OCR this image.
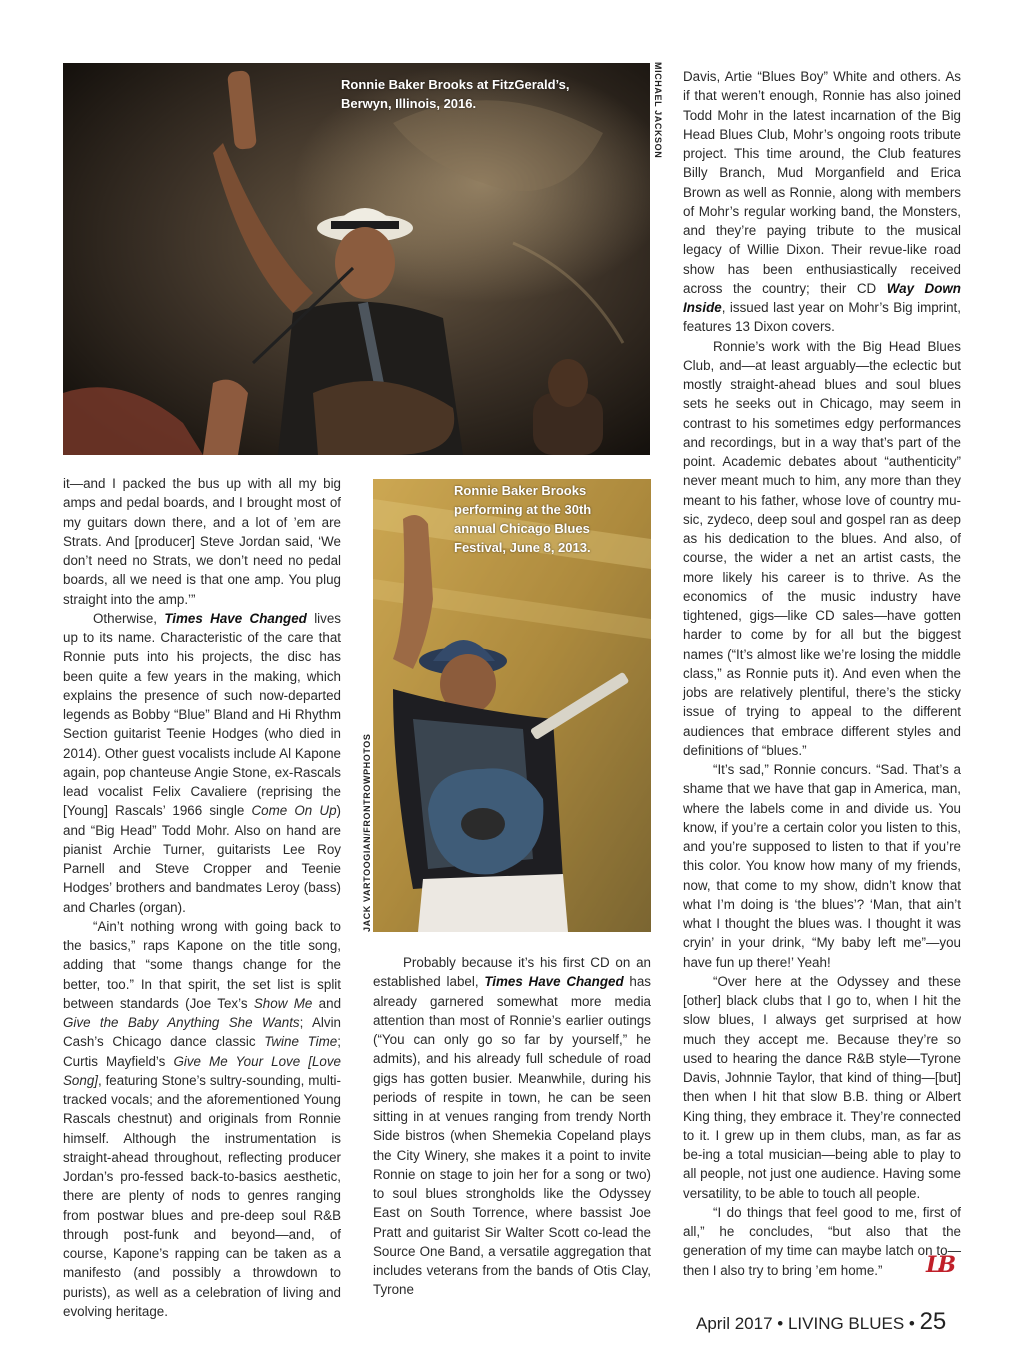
Ronnie Baker Brooks at FitzGerald’s,
Berwyn, Illinois, 2016.	MICHAEL JACKSON
Ronnie Baker Brooks
performing at the 30th
annual Chicago Blues
Festival, June 8, 2013.
JACK VARTOOGIAN/FRONTROWPHOTOS

it—and I packed the bus up with all my big amps and pedal boards, and I brought most of my guitars down there, and a lot of ’em are Strats. And [producer] Steve Jordan said, ‘We don’t need no Strats, we don’t need no pedal boards, all we need is that one amp. You plug straight into the amp.’”

Otherwise, Times Have Changed lives up to its name. Characteristic of the care that Ronnie puts into his projects, the disc has been quite a few years in the making, which explains the presence of such now-departed legends as Bobby “Blue” Bland and Hi Rhythm Section guitarist Teenie Hodges (who died in 2014). Other guest vocalists include Al Kapone again, pop chanteuse Angie Stone, ex-Rascals lead vocalist Felix Cavaliere (reprising the [Young] Rascals’ 1966 single Come On Up) and “Big Head” Todd Mohr. Also on hand are pianist Archie Turner, guitarists Lee Roy Parnell and Steve Cropper and Teenie Hodges’ brothers and bandmates Leroy (bass) and Charles (organ).

“Ain’t nothing wrong with going back to the basics,” raps Kapone on the title song, adding that “some thangs change for the better, too.” In that spirit, the set list is split between standards (Joe Tex’s Show Me and Give the Baby Anything She Wants; Alvin Cash’s Chicago dance classic Twine Time; Curtis Mayfield’s Give Me Your Love [Love Song], featuring Stone’s sultry-sounding, multi-tracked vocals; and the aforementioned Young Rascals chestnut) and originals from Ronnie himself. Although the instrumentation is straight-ahead throughout, reflecting producer Jordan’s pro-fessed back-to-basics aesthetic, there are plenty of nods to genres ranging from postwar blues and pre-deep soul R&B through post-funk and beyond—and, of course, Kapone’s rapping can be taken as a manifesto (and possibly a throwdown to purists), as well as a celebration of living and evolving heritage.

Probably because it’s his first CD on an established label, Times Have Changed has already garnered somewhat more media attention than most of Ronnie’s earlier outings (“You can only go so far by yourself,” he admits), and his already full schedule of road gigs has gotten busier. Meanwhile, during his periods of respite in town, he can be seen sitting in at venues ranging from trendy North Side bistros (when Shemekia Copeland plays the City Winery, she makes it a point to invite Ronnie on stage to join her for a song or two) to soul blues strongholds like the Odyssey East on South Torrence, where bassist Joe Pratt and guitarist Sir Walter Scott co-lead the Source One Band, a versatile aggregation that includes veterans from the bands of Otis Clay, Tyrone

Davis, Artie “Blues Boy” White and others. As if that weren’t enough, Ronnie has also joined Todd Mohr in the latest incarnation of the Big Head Blues Club, Mohr’s ongoing roots tribute project. This time around, the Club features Billy Branch, Mud Morganfield and Erica Brown as well as Ronnie, along with members of Mohr’s regular working band, the Monsters, and they’re paying tribute to the musical legacy of Willie Dixon. Their revue-like road show has been enthusiastically received across the country; their CD Way Down Inside, issued last year on Mohr’s Big imprint, features 13 Dixon covers.

Ronnie’s work with the Big Head Blues Club, and—at least arguably—the eclectic but mostly straight-ahead blues and soul blues sets he seeks out in Chicago, may seem in contrast to his sometimes edgy performances and recordings, but in a way that’s part of the point. Academic debates about “authenticity” never meant much to him, any more than they meant to his father, whose love of country mu-sic, zydeco, deep soul and gospel ran as deep as his dedication to the blues. And also, of course, the wider a net an artist casts, the more likely his career is to thrive. As the economics of the music industry have tightened, gigs—like CD sales—have gotten harder to come by for all but the biggest names (“It’s almost like we’re losing the middle class,” as Ronnie puts it). And even when the jobs are relatively plentiful, there’s the sticky issue of trying to appeal to the different audiences that embrace different styles and definitions of “blues.”

“It’s sad,” Ronnie concurs. “Sad. That’s a shame that we have that gap in America, man, where the labels come in and divide us. You know, if you’re a certain color you listen to this, and you’re supposed to listen to that if you’re this color. You know how many of my friends, now, that come to my show, didn’t know that what I’m doing is ‘the blues’? ‘Man, that ain’t what I thought the blues was. I thought it was cryin’ in your drink, “My baby left me”—you have fun up there!’ Yeah!

“Over here at the Odyssey and these [other] black clubs that I go to, when I hit the slow blues, I always get surprised at how much they accept me. Because they’re so used to hearing the dance R&B style—Tyrone Davis, Johnnie Taylor, that kind of thing—[but] then when I hit that slow B.B. thing or Albert King thing, they embrace it. They’re connected to it. I grew up in them clubs, man, as far as be-ing a total musician—being able to play to all people, not just one audience. Having some versatility, to be able to touch all people.

“I do things that feel good to me, first of all,” he concludes, “but also that the generation of my time can maybe latch on to—then I also try to bring ’em home.”	LB
April 2017 • LIVING BLUES • 25
